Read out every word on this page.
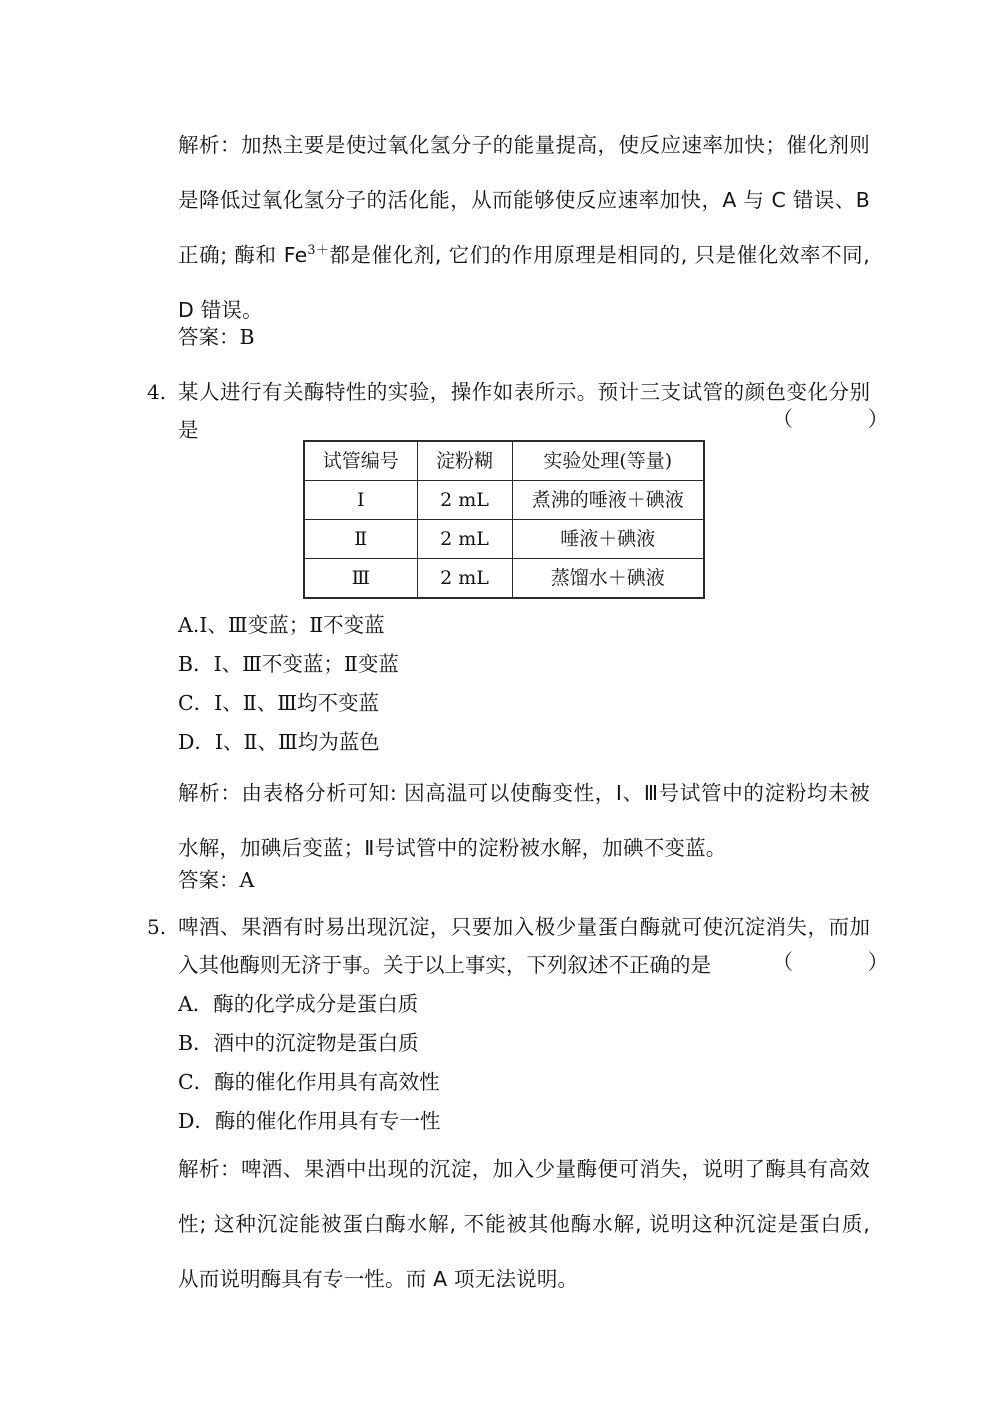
解析：加热主要是使过氧化氢分子的能量提高，使反应速率加快；催化剂则是降低过氧化氢分子的活化能，从而能够使反应速率加快，A 与 C 错误、B 正确; 酶和 $Fe^{3+}$都是催化剂, 它们的作用原理是相同的, 只是催化效率不同, D 错误。
答案：B
4. 某人进行有关酶特性的实验，操作如表所示。预计三支试管的颜色变化分别是	（ ）
试管编号	淀粉糊	实验处理(等量)
Ⅰ	2 mL	煮沸的唾液＋碘液
Ⅱ	2 mL	唾液＋碘液
Ⅲ	2 mL	蒸馏水＋碘液
A.Ⅰ、Ⅲ变蓝；Ⅱ不变蓝
B．Ⅰ、Ⅲ不变蓝；Ⅱ变蓝
C．Ⅰ、Ⅱ、Ⅲ均不变蓝
D．Ⅰ、Ⅱ、Ⅲ均为蓝色
解析：由表格分析可知: 因高温可以使酶变性，Ⅰ、Ⅲ号试管中的淀粉均未被水解，加碘后变蓝；Ⅱ号试管中的淀粉被水解，加碘不变蓝。
答案：A
5. 啤酒、果酒有时易出现沉淀，只要加入极少量蛋白酶就可使沉淀消失，而加入其他酶则无济于事。关于以上事实，下列叙述不正确的是	（ ）
A．酶的化学成分是蛋白质
B．酒中的沉淀物是蛋白质
C．酶的催化作用具有高效性
D．酶的催化作用具有专一性
解析：啤酒、果酒中出现的沉淀，加入少量酶便可消失，说明了酶具有高效性; 这种沉淀能被蛋白酶水解, 不能被其他酶水解, 说明这种沉淀是蛋白质, 从而说明酶具有专一性。而 A 项无法说明。
